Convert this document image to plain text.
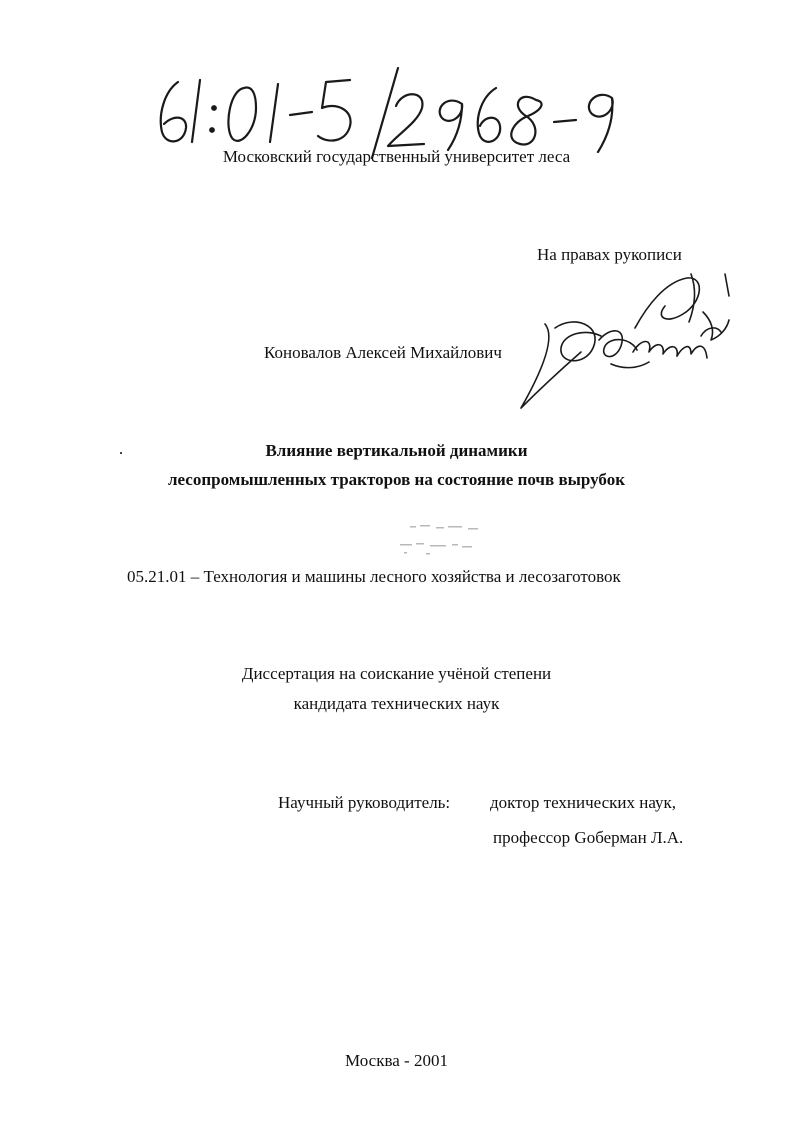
Московский государственный университет леса
На правах рукописи
Коновалов Алексей Михайлович
Влияние вертикальной динамики
лесопромышленных тракторов на состояние почв вырубок
05.21.01 – Технология и машины лесного хозяйства и лесозаготовок
Диссертация на соискание учёной степени
кандидата технических наук
Научный руководитель: доктор технических наук,
профессор Goберман Л.А.
Москва - 2001
